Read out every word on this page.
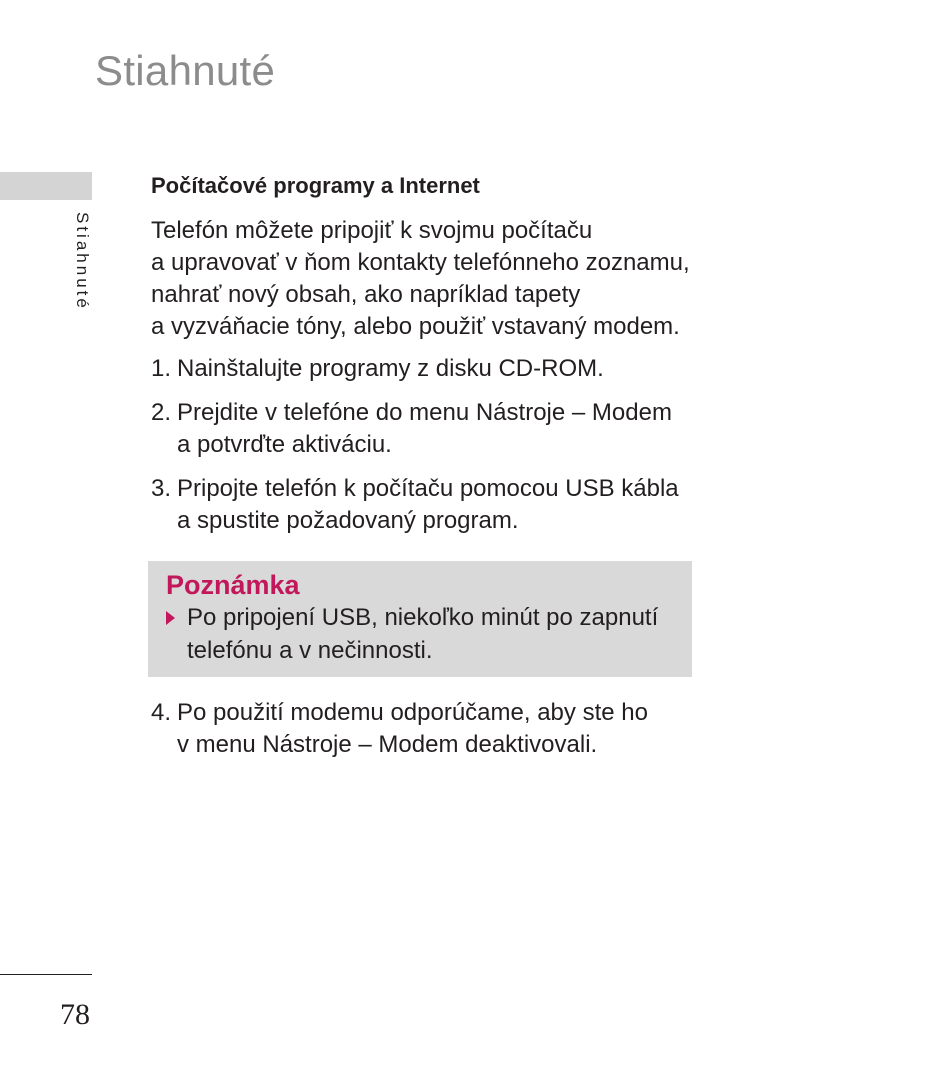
Stiahnuté
Stiahnuté
Počítačové programy a Internet

Telefón môžete pripojiť k svojmu počítaču
a upravovať v ňom kontakty telefónneho zoznamu,
nahrať nový obsah, ako napríklad tapety
a vyzváňacie tóny, alebo použiť vstavaný modem.

1. Nainštalujte programy z disku CD-ROM.
2. Prejdite v telefóne do menu Nástroje – Modem
a potvrďte aktiváciu.
3. Pripojte telefón k počítaču pomocou USB kábla
a spustite požadovaný program.
Poznámka
Po pripojení USB, niekoľko minút po zapnutí
telefónu a v nečinnosti.
4. Po použití modemu odporúčame, aby ste ho
v menu Nástroje – Modem deaktivovali.
78
